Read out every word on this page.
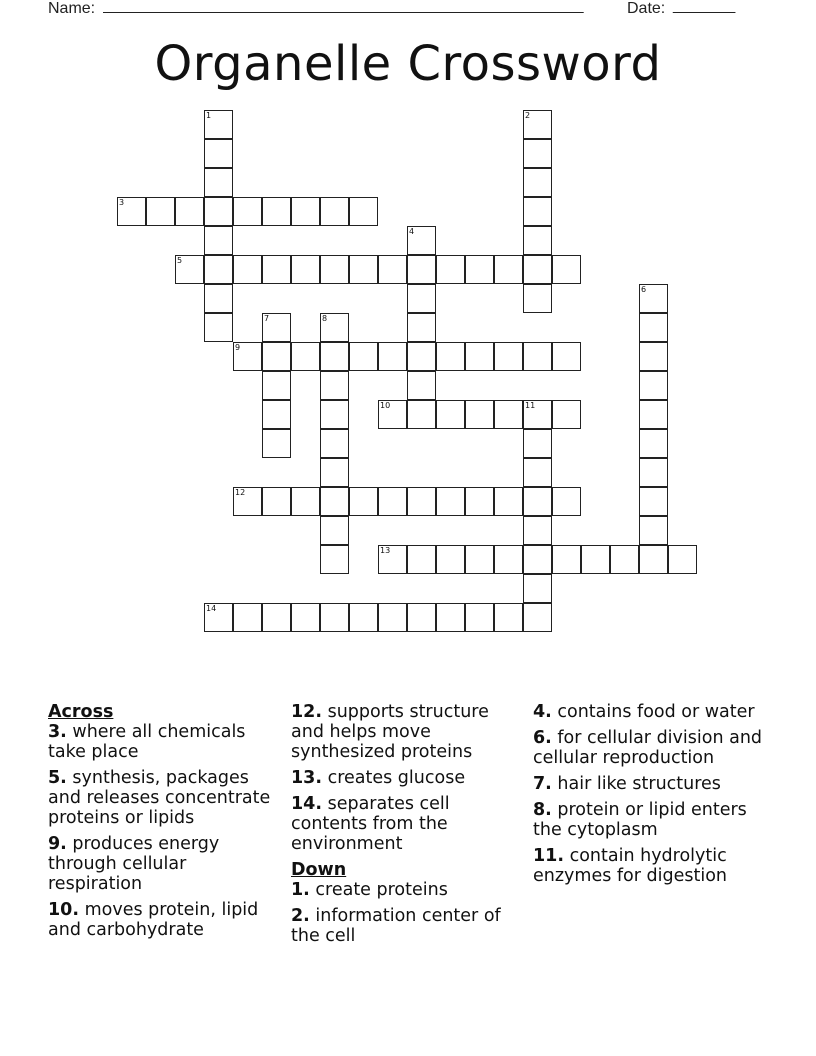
Name: ______________________________________________________	Date: _______
Organelle Crossword
1	2
3
4
5
6
7	8
9
10	11
12
13
14
Across
3. where all chemicals take place
5. synthesis, packages and releases concentrate proteins or lipids
9. produces energy through cellular respiration
10. moves protein, lipid and carbohydrate
12. supports structure and helps move synthesized proteins
13. creates glucose
14. separates cell contents from the environment
Down
1. create proteins
2. information center of the cell
4. contains food or water
6. for cellular division and cellular reproduction
7. hair like structures
8. protein or lipid enters the cytoplasm
11. contain hydrolytic enzymes for digestion
